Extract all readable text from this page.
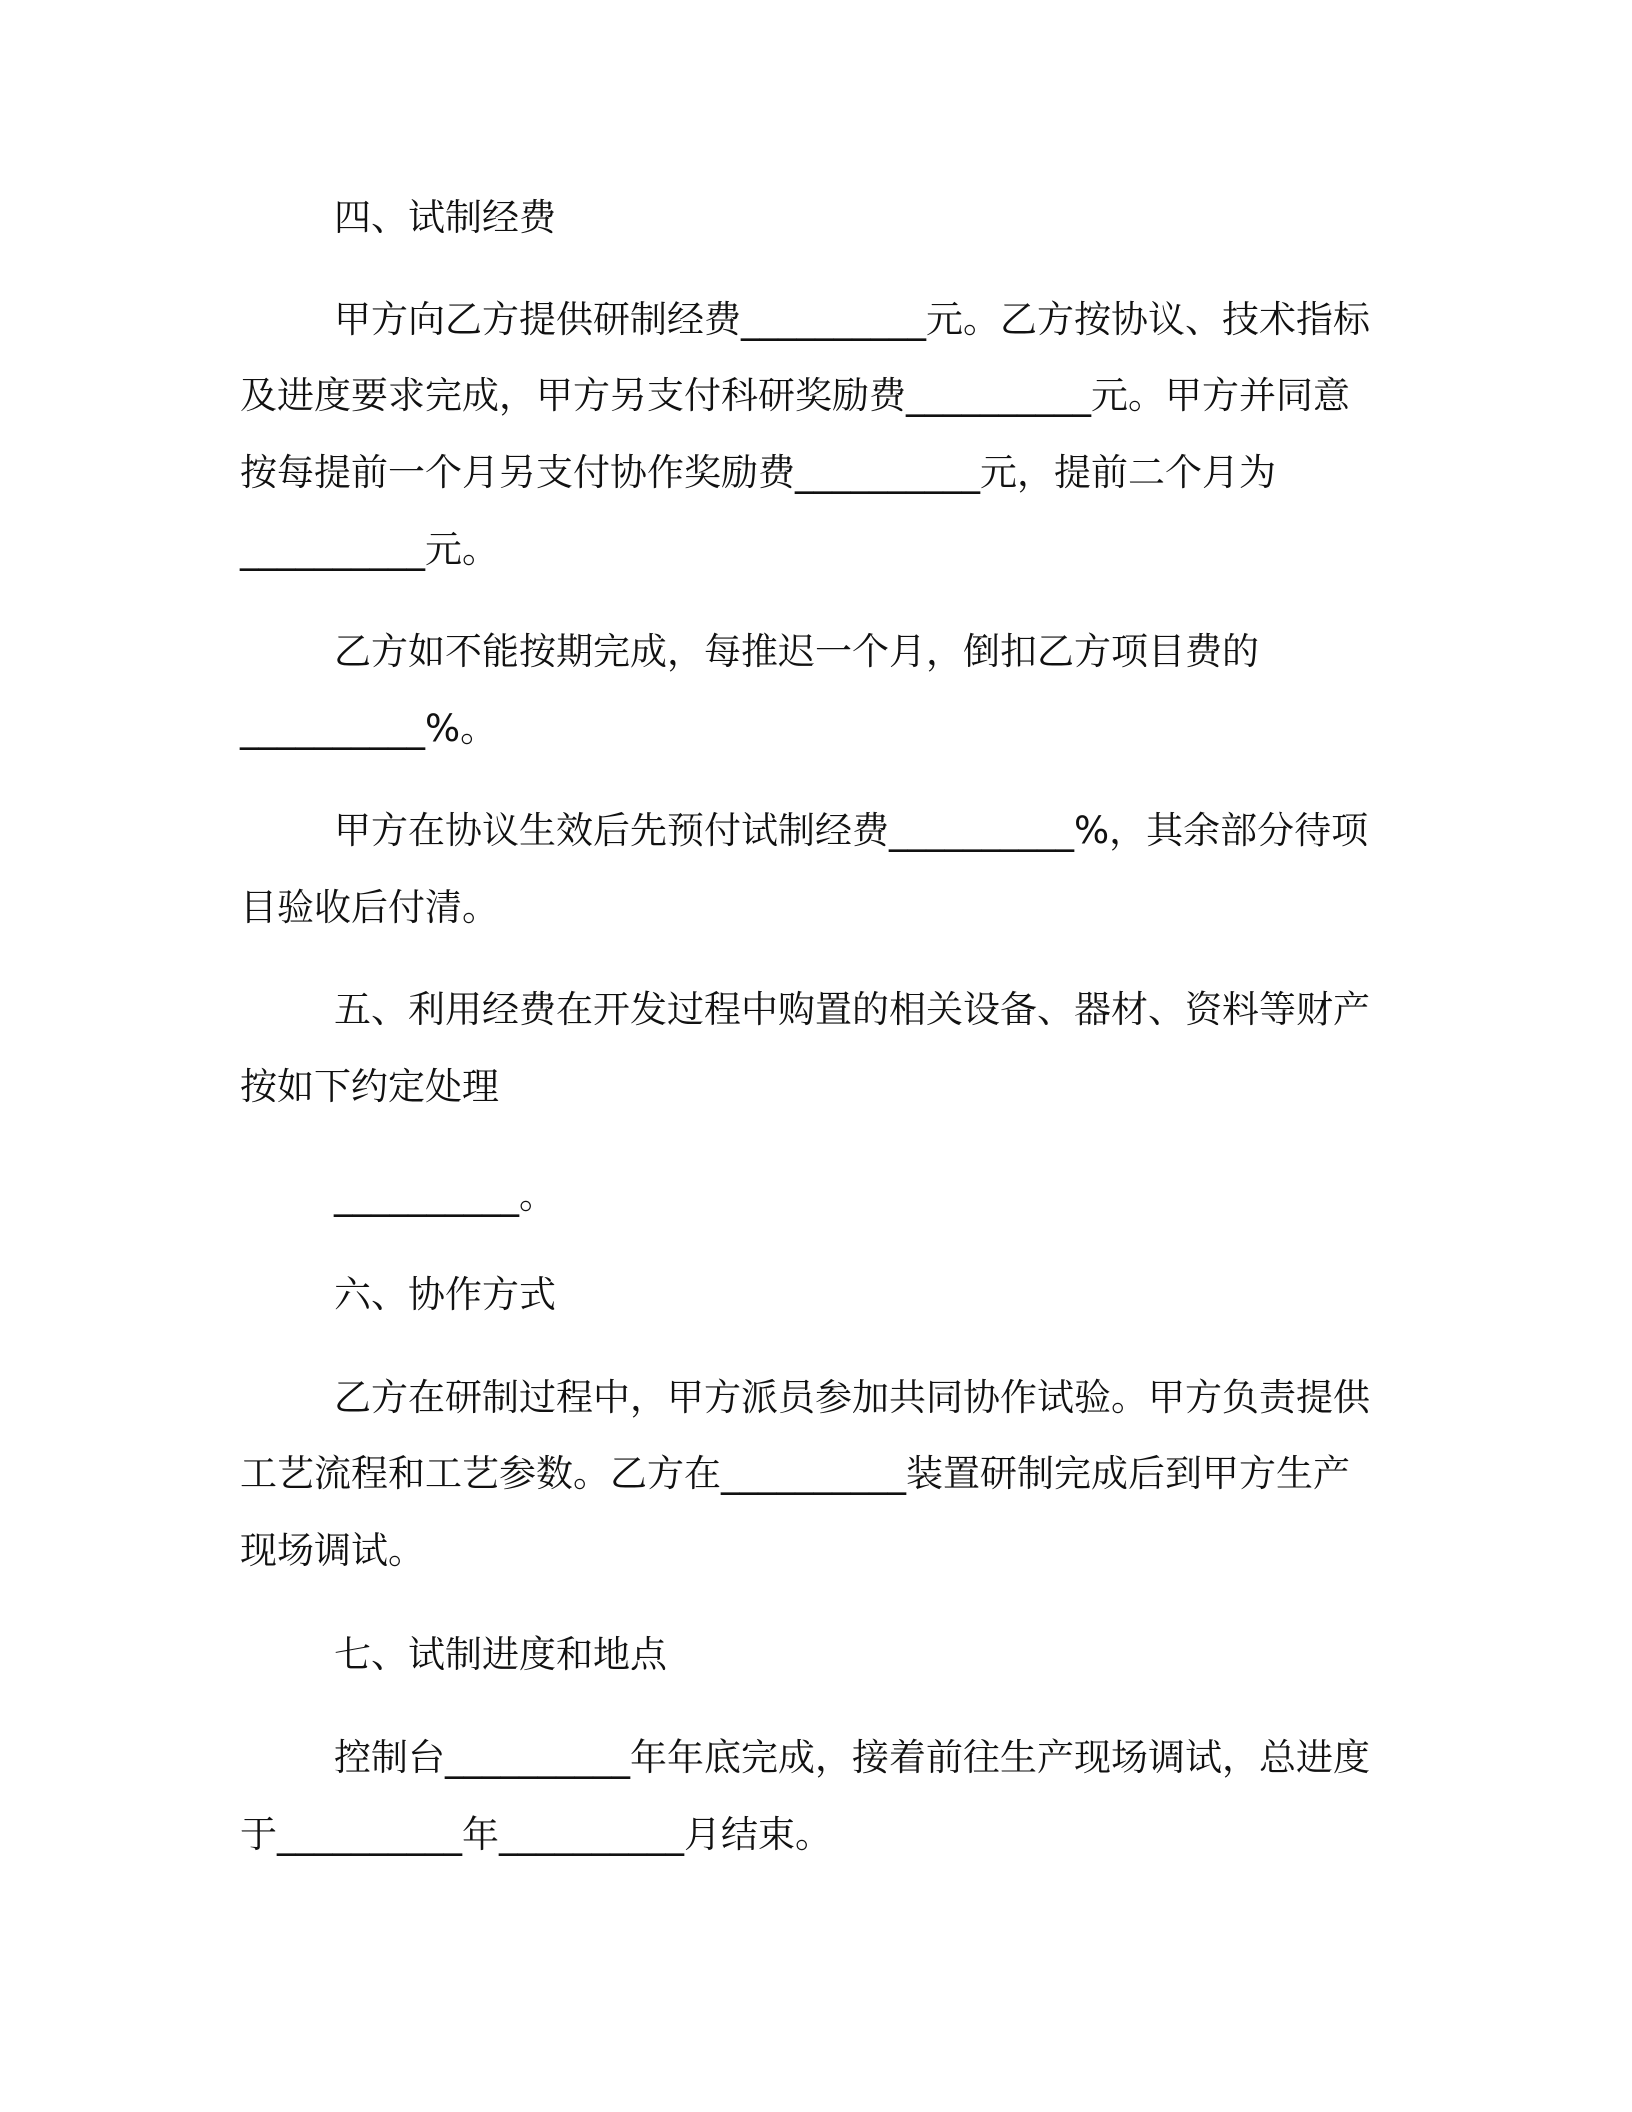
四、试制经费
甲方向乙方提供研制经费__________元。乙方按协议、技术指标
及进度要求完成，甲方另支付科研奖励费__________元。甲方并同意
按每提前一个月另支付协作奖励费__________元，提前二个月为
__________元。
乙方如不能按期完成，每推迟一个月，倒扣乙方项目费的
__________%。
甲方在协议生效后先预付试制经费__________%，其余部分待项
目验收后付清。
五、利用经费在开发过程中购置的相关设备、器材、资料等财产
按如下约定处理
__________。
六、协作方式
乙方在研制过程中，甲方派员参加共同协作试验。甲方负责提供
工艺流程和工艺参数。乙方在__________装置研制完成后到甲方生产
现场调试。
七、试制进度和地点
控制台__________年年底完成，接着前往生产现场调试，总进度
于__________年__________月结束。
